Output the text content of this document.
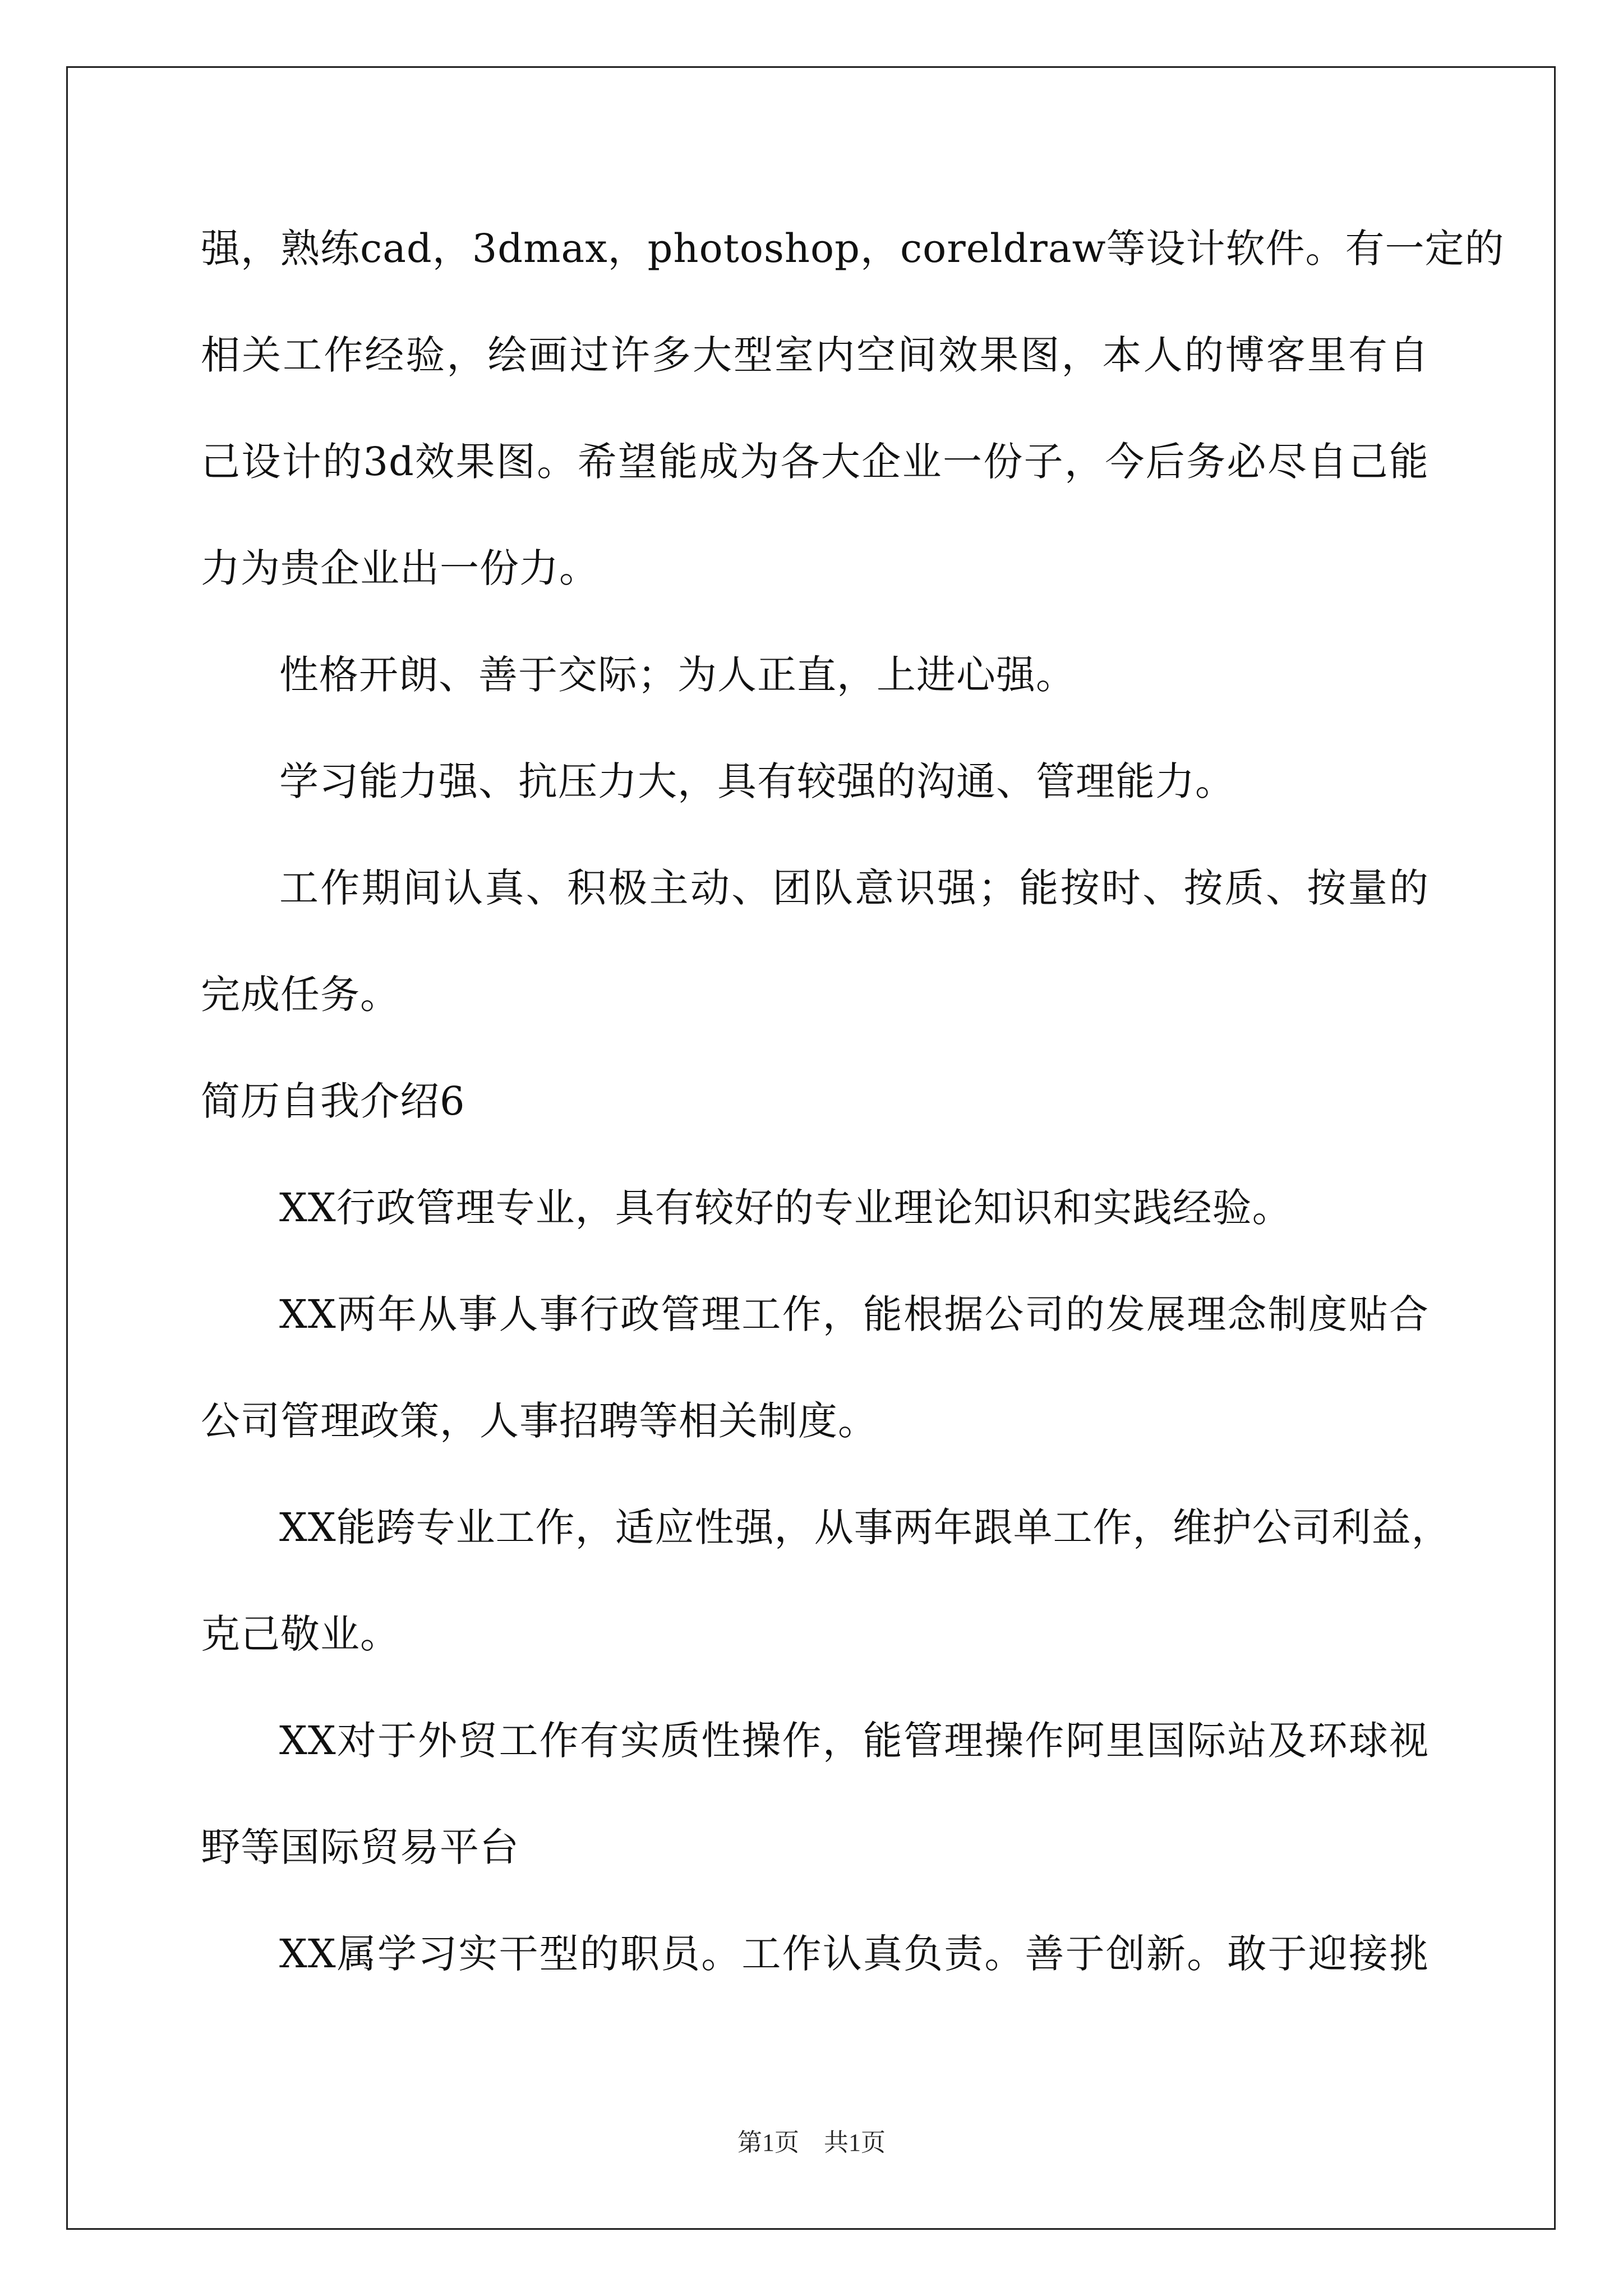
强，熟练cad，3dmax，photoshop，coreldraw等设计软件。有一定的
相关工作经验，绘画过许多大型室内空间效果图，本人的博客里有自
己设计的3d效果图。希望能成为各大企业一份子，今后务必尽自己能
力为贵企业出一份力。
性格开朗、善于交际；为人正直，上进心强。
学习能力强、抗压力大，具有较强的沟通、管理能力。
工作期间认真、积极主动、团队意识强；能按时、按质、按量的
完成任务。
简历自我介绍6
XX行政管理专业，具有较好的专业理论知识和实践经验。
XX两年从事人事行政管理工作，能根据公司的发展理念制度贴合
公司管理政策，人事招聘等相关制度。
XX能跨专业工作，适应性强，从事两年跟单工作，维护公司利益，
克己敬业。
XX对于外贸工作有实质性操作，能管理操作阿里国际站及环球视
野等国际贸易平台
XX属学习实干型的职员。工作认真负责。善于创新。敢于迎接挑
第1页　共1页
